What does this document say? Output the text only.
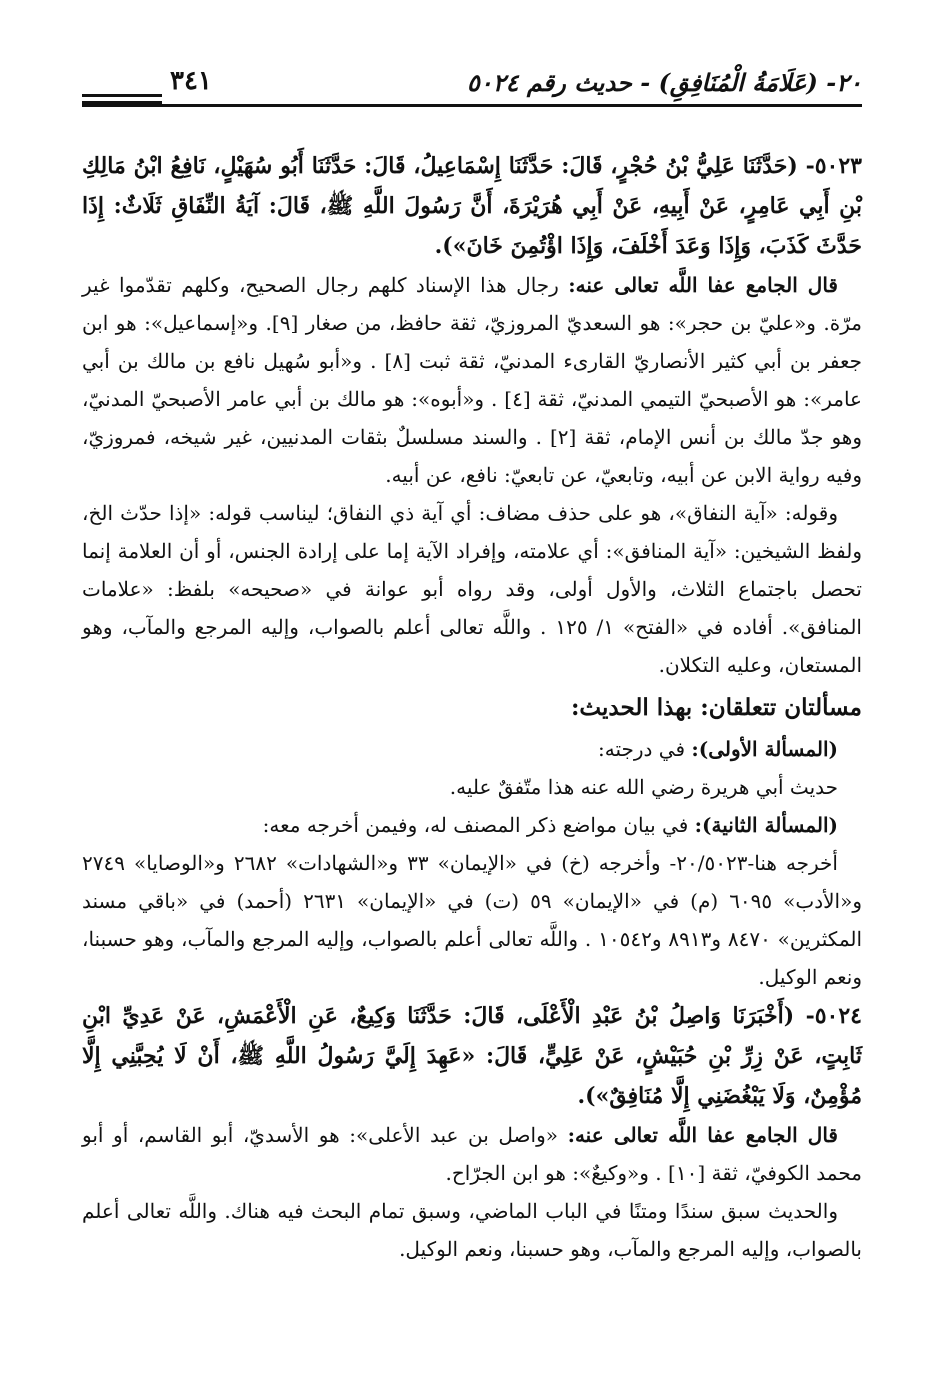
٢٠- (عَلَامَةُ الْمُنَافِقِ) - حديث رقم ٥٠٢٤
٣٤١

٥٠٢٣- (حَدَّثَنَا عَلِيُّ بْنُ حُجْرٍ، قَالَ: حَدَّثَنَا إِسْمَاعِيلُ، قَالَ: حَدَّثَنَا أَبُو سُهَيْلٍ، نَافِعُ ابْنُ مَالِكِ بْنِ أَبِي عَامِرٍ، عَنْ أَبِيهِ، عَنْ أَبِي هُرَيْرَةَ، أَنَّ رَسُولَ اللَّهِ ﷺ، قَالَ: آيَةُ النِّفَاقِ ثَلَاثٌ: إِذَا حَدَّثَ كَذَبَ، وَإِذَا وَعَدَ أَخْلَفَ، وَإِذَا اؤْتُمِنَ خَانَ»).

قال الجامع عفا اللَّه تعالى عنه: رجال هذا الإسناد كلهم رجال الصحيح، وكلهم تقدّموا غير مرّة. و«عليّ بن حجر»: هو السعديّ المروزيّ، ثقة حافظ، من صغار [٩]. و«إسماعيل»: هو ابن جعفر بن أبي كثير الأنصاريّ القارىء المدنيّ، ثقة ثبت [٨] . و«أبو سُهيل نافع بن مالك بن أبي عامر»: هو الأصبحيّ التيمي المدنيّ، ثقة [٤] . و«أبوه»: هو مالك بن أبي عامر الأصبحيّ المدنيّ، وهو جدّ مالك بن أنس الإمام، ثقة [٢] . والسند مسلسلٌ بثقات المدنيين، غير شيخه، فمروزيّ، وفيه رواية الابن عن أبيه، وتابعيّ، عن تابعيّ: نافع، عن أبيه.

وقوله: «آية النفاق»، هو على حذف مضاف: أي آية ذي النفاق؛ ليناسب قوله: «إذا حدّث الخ، ولفظ الشيخين: «آية المنافق»: أي علامته، وإفراد الآية إما على إرادة الجنس، أو أن العلامة إنما تحصل باجتماع الثلاث، والأول أولى، وقد رواه أبو عوانة في «صحيحه» بلفظ: «علامات المنافق». أفاده في «الفتح» ١/ ١٢٥ . واللَّه تعالى أعلم بالصواب، وإليه المرجع والمآب، وهو المستعان، وعليه التكلان.

مسألتان تتعلقان: بهذا الحديث:

(المسألة الأولى): في درجته:

حديث أبي هريرة رضي الله عنه هذا متّفقٌ عليه.

(المسألة الثانية): في بيان مواضع ذكر المصنف له، وفيمن أخرجه معه:

أخرجه هنا-٢٠/٥٠٢٣- وأخرجه (خ) في «الإيمان» ٣٣ و«الشهادات» ٢٦٨٢ و«الوصايا» ٢٧٤٩ و«الأدب» ٦٠٩٥ (م) في «الإيمان» ٥٩ (ت) في «الإيمان» ٢٦٣١ (أحمد) في «باقي مسند المكثرين» ٨٤٧٠ و٨٩١٣ و١٠٥٤٢ . واللَّه تعالى أعلم بالصواب، وإليه المرجع والمآب، وهو حسبنا، ونعم الوكيل.

٥٠٢٤- (أَخْبَرَنَا وَاصِلُ بْنُ عَبْدِ الْأَعْلَى، قَالَ: حَدَّثَنَا وَكِيعٌ، عَنِ الْأَعْمَشِ، عَنْ عَدِيِّ ابْنِ ثَابِتٍ، عَنْ زِرِّ بْنِ حُبَيْشٍ، عَنْ عَلِيٍّ، قَالَ: «عَهِدَ إِلَيَّ رَسُولُ اللَّهِ ﷺ، أَنْ لَا يُحِبَّنِي إِلَّا مُؤْمِنٌ، وَلَا يَبْغُضَنِي إِلَّا مُنَافِقٌ»).

قال الجامع عفا اللَّه تعالى عنه: «واصل بن عبد الأعلى»: هو الأسديّ، أبو القاسم، أو أبو محمد الكوفيّ، ثقة [١٠] . و«وكيعٌ»: هو ابن الجرّاح.

والحديث سبق سندًا ومتنًا في الباب الماضي، وسبق تمام البحث فيه هناك. واللَّه تعالى أعلم بالصواب، وإليه المرجع والمآب، وهو حسبنا، ونعم الوكيل.
